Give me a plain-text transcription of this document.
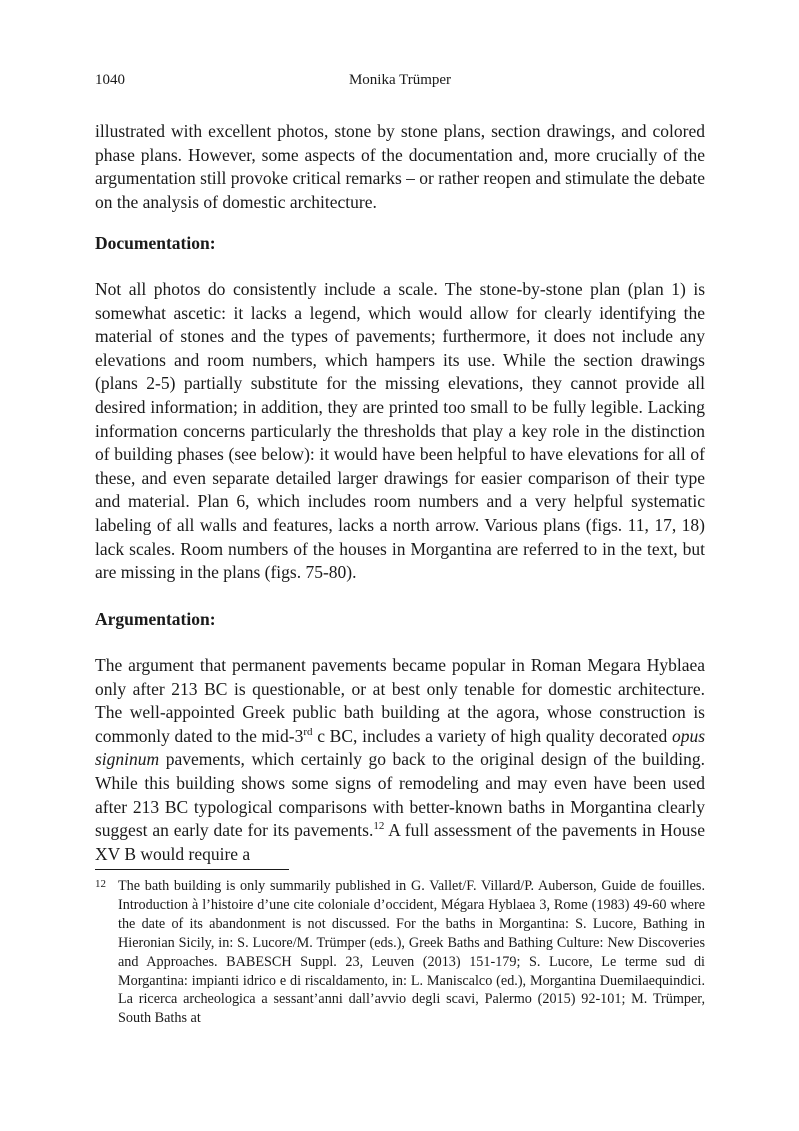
1040	Monika Trümper

illustrated with excellent photos, stone by stone plans, section drawings, and colored phase plans. However, some aspects of the documentation and, more crucially of the argumentation still provoke critical remarks – or rather reopen and stimulate the debate on the analysis of domestic architecture.

Documentation:

Not all photos do consistently include a scale. The stone-by-stone plan (plan 1) is somewhat ascetic: it lacks a legend, which would allow for clearly identifying the material of stones and the types of pavements; furthermore, it does not include any elevations and room numbers, which hampers its use. While the section drawings (plans 2-5) partially substitute for the missing elevations, they cannot provide all desired information; in addition, they are printed too small to be fully legible. Lacking information concerns particularly the thresholds that play a key role in the distinction of building phases (see below): it would have been helpful to have elevations for all of these, and even separate detailed larger drawings for easier comparison of their type and material. Plan 6, which includes room numbers and a very helpful systematic labeling of all walls and features, lacks a north arrow. Various plans (figs. 11, 17, 18) lack scales. Room numbers of the houses in Morgantina are referred to in the text, but are missing in the plans (figs. 75-80).

Argumentation:

The argument that permanent pavements became popular in Roman Megara Hyblaea only after 213 BC is questionable, or at best only tenable for domestic architecture. The well-appointed Greek public bath building at the agora, whose construction is commonly dated to the mid-3rd c BC, includes a variety of high quality decorated opus signinum pavements, which certainly go back to the original design of the building. While this building shows some signs of remodeling and may even have been used after 213 BC typological comparisons with better-known baths in Morgantina clearly suggest an early date for its pavements.$^{12}$ A full assessment of the pavements in House XV B would require a

12 The bath building is only summarily published in G. Vallet/F. Villard/P. Auberson, Guide de fouilles. Introduction à l’histoire d’une cite coloniale d’occident, Mégara Hyblaea 3, Rome (1983) 49-60 where the date of its abandonment is not discussed. For the baths in Morgantina: S. Lucore, Bathing in Hieronian Sicily, in: S. Lucore/M. Trümper (eds.), Greek Baths and Bathing Culture: New Discoveries and Approaches. BABESCH Suppl. 23, Leuven (2013) 151-179; S. Lucore, Le terme sud di Morgantina: impianti idrico e di riscaldamento, in: L. Maniscalco (ed.), Morgantina Duemilaequindici. La ricerca archeologica a sessant’anni dall’avvio degli scavi, Palermo (2015) 92-101; M. Trümper, South Baths at
